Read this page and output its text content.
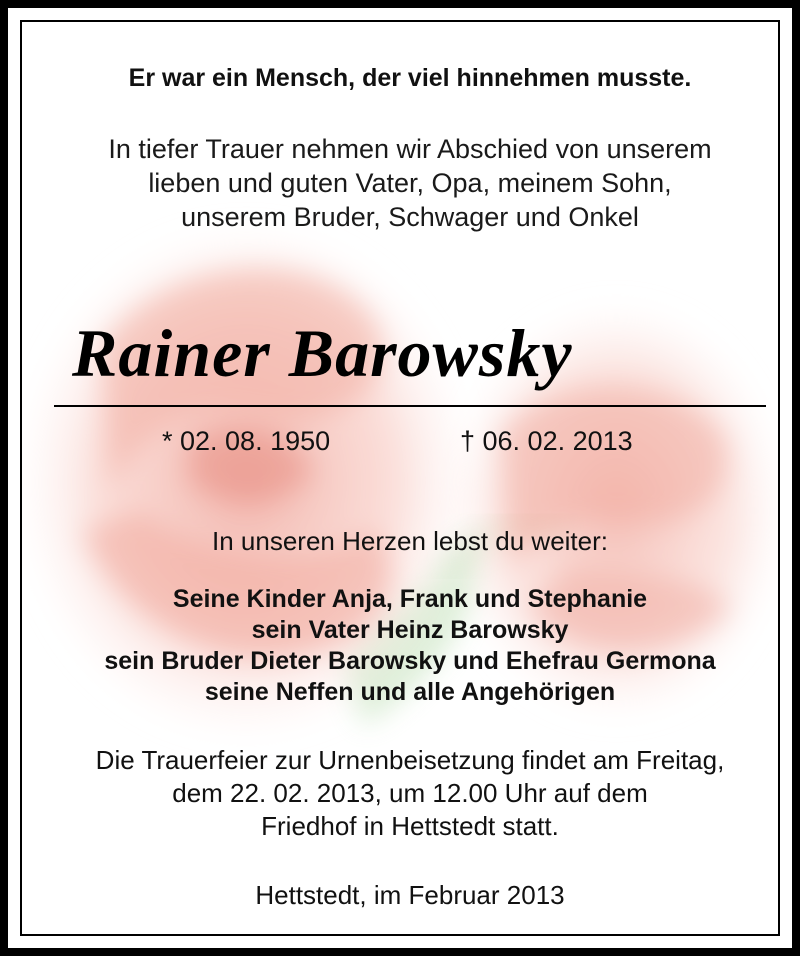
Er war ein Mensch, der viel hinnehmen musste.
In tiefer Trauer nehmen wir Abschied von unserem
lieben und guten Vater, Opa, meinem Sohn,
unserem Bruder, Schwager und Onkel
Rainer Barowsky
* 02. 08. 1950	† 06. 02. 2013
In unseren Herzen lebst du weiter:
Seine Kinder Anja, Frank und Stephanie
sein Vater Heinz Barowsky
sein Bruder Dieter Barowsky und Ehefrau Germona
seine Neffen und alle Angehörigen
Die Trauerfeier zur Urnenbeisetzung findet am Freitag,
dem 22. 02. 2013, um 12.00 Uhr auf dem
Friedhof in Hettstedt statt.
Hettstedt, im Februar 2013
